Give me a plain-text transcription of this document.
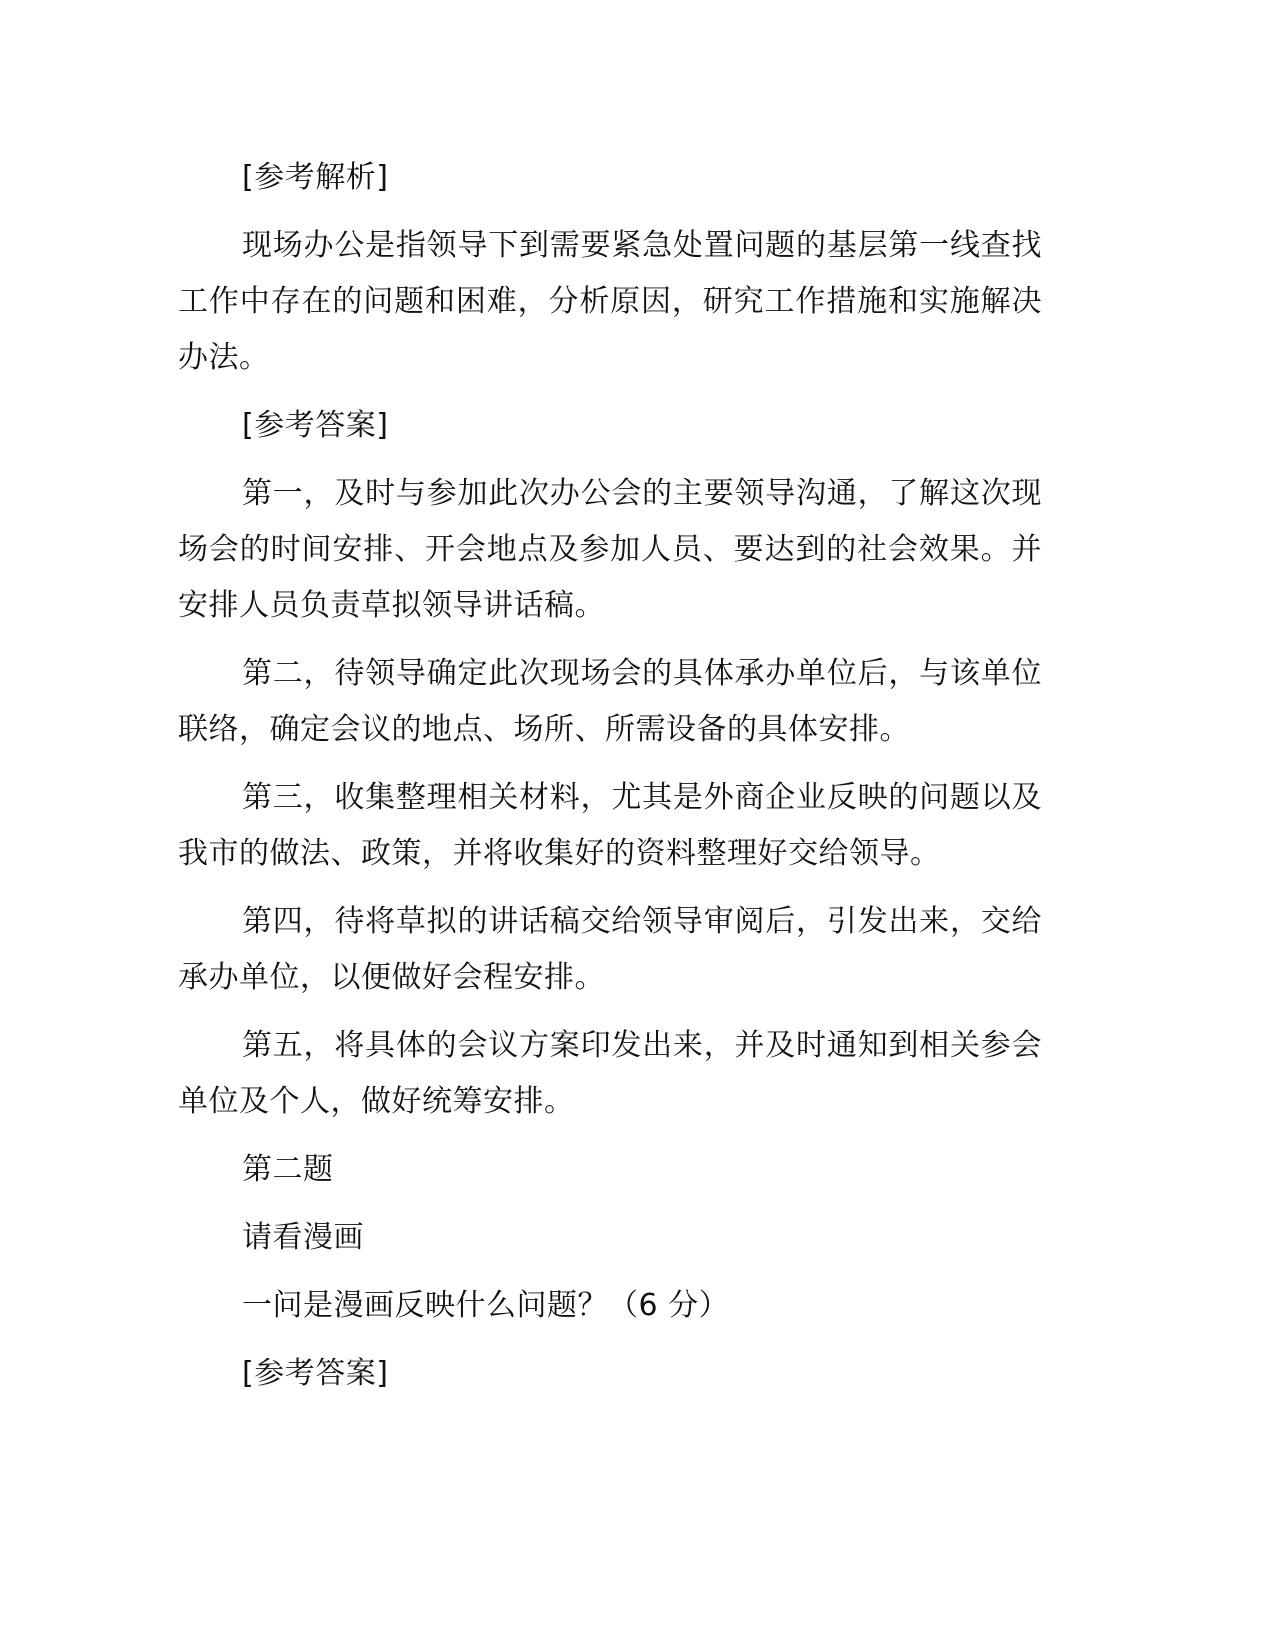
[参考解析]

现场办公是指领导下到需要紧急处置问题的基层第一线查找工作中存在的问题和困难，分析原因，研究工作措施和实施解决办法。

[参考答案]

第一，及时与参加此次办公会的主要领导沟通，了解这次现场会的时间安排、开会地点及参加人员、要达到的社会效果。并安排人员负责草拟领导讲话稿。

第二，待领导确定此次现场会的具体承办单位后，与该单位联络，确定会议的地点、场所、所需设备的具体安排。

第三，收集整理相关材料，尤其是外商企业反映的问题以及我市的做法、政策，并将收集好的资料整理好交给领导。

第四，待将草拟的讲话稿交给领导审阅后，引发出来，交给承办单位，以便做好会程安排。

第五，将具体的会议方案印发出来，并及时通知到相关参会单位及个人，做好统筹安排。

第二题

请看漫画

一问是漫画反映什么问题？（6 分）

[参考答案]
